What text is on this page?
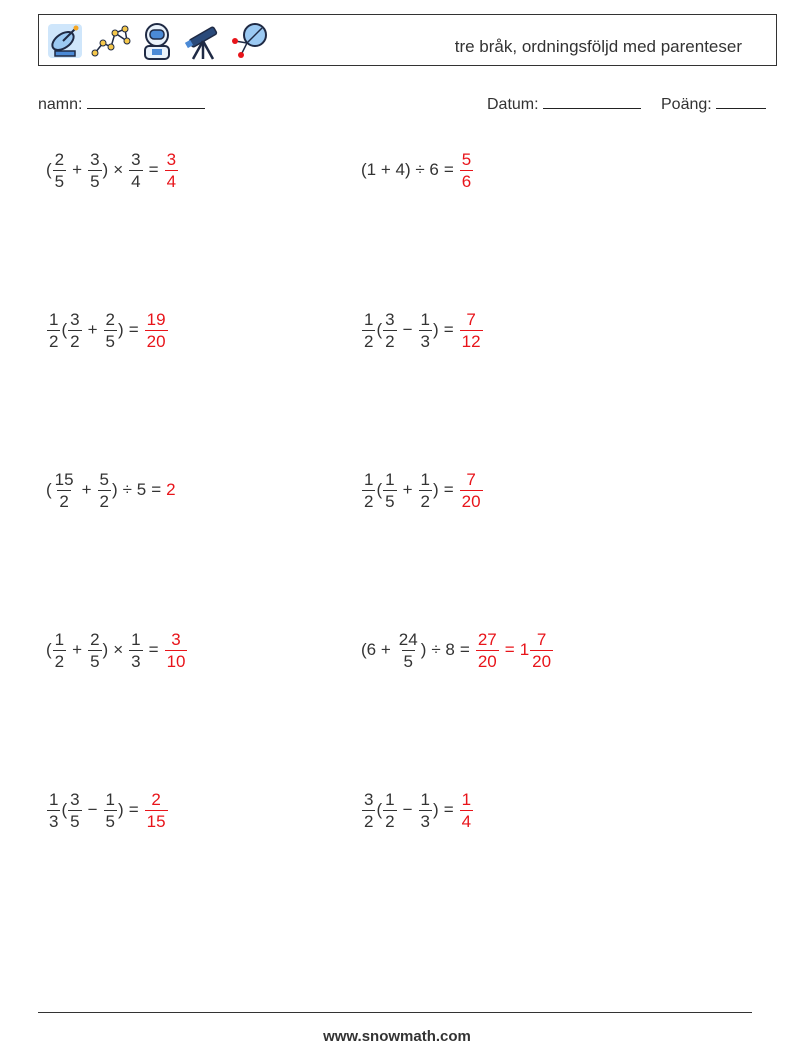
tre bråk, ordningsföljd med parenteser
namn:	Datum:	Poäng:
( $\frac{2}{5} + \frac{3}{5}$ ) × $\frac{3}{4} = \frac{3}{4}$	$(1 + 4) \div 6 = \frac{5}{6}$
$\frac{1}{2}$ ( $\frac{3}{2} + \frac{2}{5}$ ) = $\frac{19}{20}$	$\frac{1}{2}$ ( $\frac{3}{2} - \frac{1}{3}$ ) = $\frac{7}{12}$
( $\frac{15}{2} + \frac{5}{2}$ ) ÷ 5 = 2	$\frac{1}{2}$ ( $\frac{1}{5} + \frac{1}{2}$ ) = $\frac{7}{20}$
( $\frac{1}{2} + \frac{2}{5}$ ) × $\frac{1}{3} = \frac{3}{10}$	($6 + \frac{24}{5}$ ) ÷ $8 = \frac{27}{20} = 1 \frac{7}{20}$
$\frac{1}{3}$ ( $\frac{3}{5} - \frac{1}{5}$ ) = $\frac{2}{15}$	$\frac{3}{2}$ ( $\frac{1}{2} - \frac{1}{3}$ ) = $\frac{1}{4}$
www.snowmath.com
